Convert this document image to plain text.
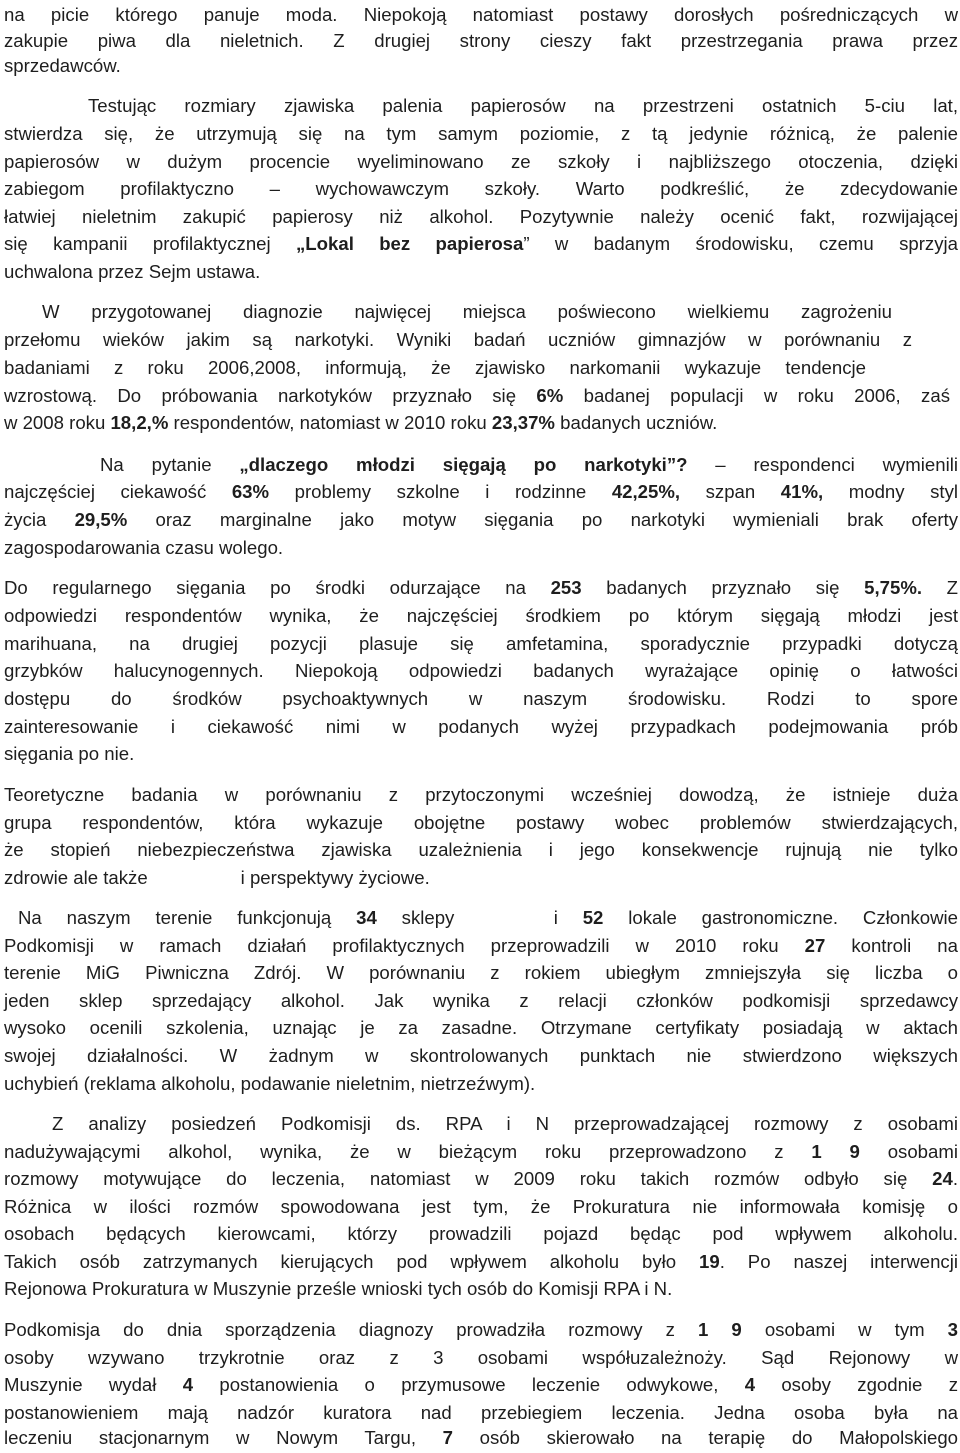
na picie którego panuje moda. Niepokoją natomiast postawy dorosłych pośredniczących w
zakupie piwa dla nieletnich. Z drugiej strony cieszy fakt przestrzegania prawa przez
sprzedawców.
Testując rozmiary zjawiska palenia papierosów na przestrzeni ostatnich 5-ciu lat,
stwierdza się, że utrzymują się na tym samym poziomie, z tą jedynie różnicą, że palenie
papierosów w dużym procencie wyeliminowano ze szkoły i najbliższego otoczenia, dzięki
zabiegom profilaktyczno – wychowawczym szkoły. Warto podkreślić, że zdecydowanie
łatwiej nieletnim zakupić papierosy niż alkohol. Pozytywnie należy ocenić fakt, rozwijającej
się kampanii profilaktycznej „Lokal bez papierosa” w badanym środowisku, czemu sprzyja
uchwalona przez Sejm ustawa.
W przygotowanej diagnozie najwięcej miejsca poświecono wielkiemu zagrożeniu
przełomu wieków jakim są narkotyki. Wyniki badań uczniów gimnazjów w porównaniu z
badaniami z roku 2006,2008, informują, że zjawisko narkomanii wykazuje tendencje
wzrostową. Do próbowania narkotyków przyznało się 6% badanej populacji w roku 2006, zaś
w 2008 roku 18,2,% respondentów, natomiast w 2010 roku 23,37% badanych uczniów.
Na pytanie „dlaczego młodzi sięgają po narkotyki”? – respondenci wymienili
najczęściej ciekawość 63% problemy szkolne i rodzinne 42,25%, szpan 41%, modny styl
życia 29,5% oraz marginalne jako motyw sięgania po narkotyki wymieniali brak oferty
zagospodarowania czasu wolego.
Do regularnego sięgania po środki odurzające na 253 badanych przyznało się 5,75%. Z
odpowiedzi respondentów wynika, że najczęściej środkiem po którym sięgają młodzi jest
marihuana, na drugiej pozycji plasuje się amfetamina, sporadycznie przypadki dotyczą
grzybków halucynogennych. Niepokoją odpowiedzi badanych wyrażające opinię o łatwości
dostępu do środków psychoaktywnych w naszym środowisku. Rodzi to spore
zainteresowanie i ciekawość nimi w podanych wyżej przypadkach podejmowania prób
sięgania po nie.
Teoretyczne badania w porównaniu z przytoczonymi wcześniej dowodzą, że istnieje duża
grupa respondentów, która wykazuje obojętne postawy wobec problemów stwierdzających,
że stopień niebezpieczeństwa zjawiska uzależnienia i jego konsekwencje rujnują nie tylko
zdrowie ale także                  i perspektywy życiowe.
Na naszym terenie funkcjonują 34 sklepy    i 52 lokale gastronomiczne. Członkowie
Podkomisji w ramach działań profilaktycznych przeprowadzili w 2010 roku 27 kontroli na
terenie MiG Piwniczna Zdrój. W porównaniu z rokiem ubiegłym zmniejszyła się liczba o
jeden sklep sprzedający alkohol. Jak wynika z relacji członków podkomisji sprzedawcy
wysoko ocenili szkolenia, uznając je za zasadne. Otrzymane certyfikaty posiadają w aktach
swojej działalności. W żadnym w skontrolowanych punktach nie stwierdzono większych
uchybień (reklama alkoholu, podawanie nieletnim, nietrzeźwym).
Z analizy posiedzeń Podkomisji ds. RPA i N przeprowadzającej rozmowy z osobami
nadużywającymi alkohol, wynika, że w bieżącym roku przeprowadzono z 1 9 osobami
rozmowy motywujące do leczenia, natomiast w 2009 roku takich rozmów odbyło się 24.
Różnica w ilości rozmów spowodowana jest tym, że Prokuratura nie informowała komisję o
osobach będących kierowcami, którzy prowadzili pojazd będąc pod wpływem alkoholu.
Takich osób zatrzymanych kierujących pod wpływem alkoholu było 19. Po naszej interwencji
Rejonowa Prokuratura w Muszynie prześle wnioski tych osób do Komisji RPA i N.
Podkomisja do dnia sporządzenia diagnozy prowadziła rozmowy z 1 9 osobami w tym 3
osoby wzywano trzykrotnie oraz z 3 osobami współuzależnoży. Sąd Rejonowy w
Muszynie wydał 4 postanowienia o przymusowe leczenie odwykowe, 4 osoby zgodnie z
postanowieniem mają nadzór kuratora nad przebiegiem leczenia. Jedna osoba była na
leczeniu stacjonarnym w Nowym Targu, 7 osób skierowało na terapię do Małopolskiego
